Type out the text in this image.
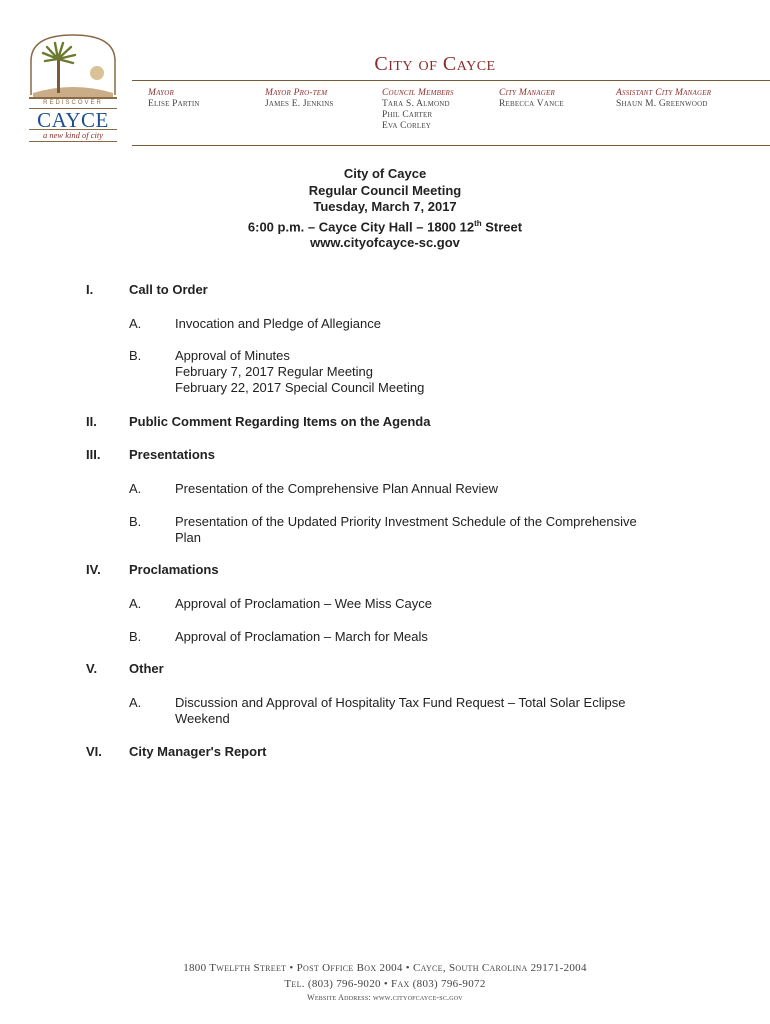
REDISCOVER
CAYCE
a new kind of city
City of Cayce
Mayor
Elise Partin
Mayor Pro-tem
James E. Jenkins
Council Members
Tara S. Almond
Phil Carter
Eva Corley
City Manager
Rebecca Vance
Assistant City Manager
Shaun M. Greenwood
City of Cayce
Regular Council Meeting
Tuesday, March 7, 2017
6:00 p.m. – Cayce City Hall – 1800 12th Street
www.cityofcayce-sc.gov
I.	Call to Order
A.	Invocation and Pledge of Allegiance
B.	Approval of Minutes
February 7, 2017 Regular Meeting
February 22, 2017 Special Council Meeting
II. Public Comment Regarding Items on the Agenda
III. Presentations
A.	Presentation of the Comprehensive Plan Annual Review
B.	Presentation of the Updated Priority Investment Schedule of the Comprehensive
Plan
IV. Proclamations
A.	Approval of Proclamation – Wee Miss Cayce
B.	Approval of Proclamation – March for Meals
V. Other
A.	Discussion and Approval of Hospitality Tax Fund Request – Total Solar Eclipse
Weekend
VI. City Manager's Report
1800 Twelfth Street • Post Office Box 2004 • Cayce, South Carolina 29171-2004
Tel. (803) 796-9020 • Fax (803) 796-9072
Website Address: www.cityofcayce-sc.gov
